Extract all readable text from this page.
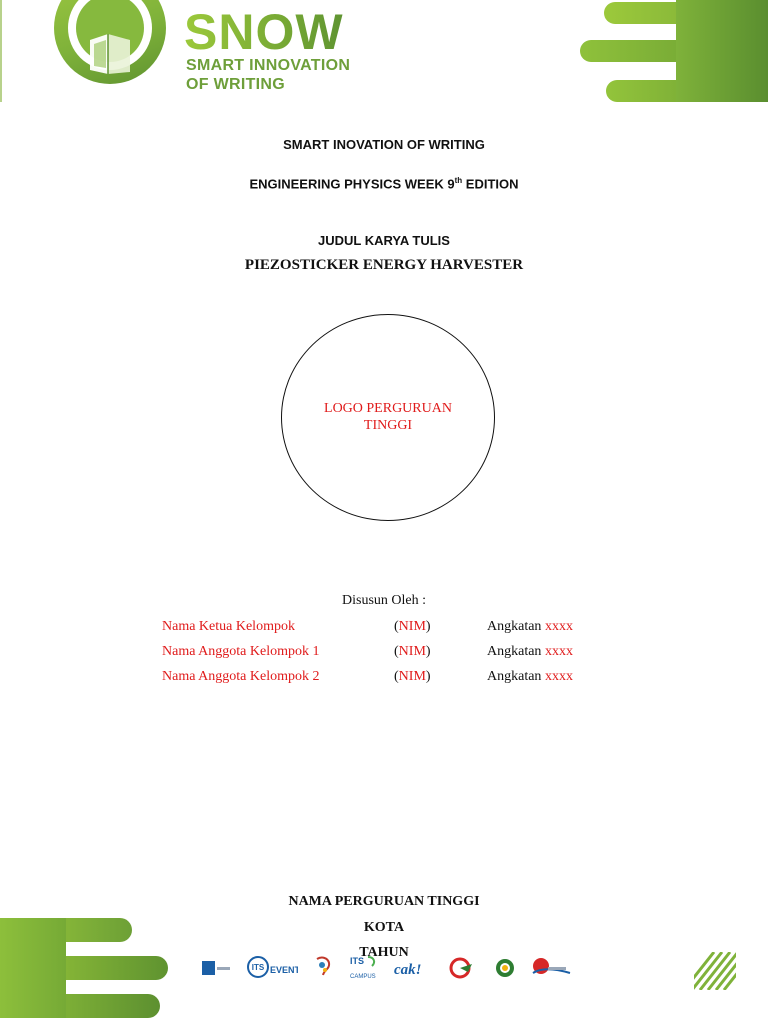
SNOW
SMART INNOVATION
OF WRITING
SMART INOVATION OF WRITING
ENGINEERING PHYSICS WEEK 9th EDITION
JUDUL KARYA TULIS
PIEZOSTICKER ENERGY HARVESTER
LOGO PERGURUAN
TINGGI
Disusun Oleh :
Nama Ketua Kelompok	(NIM)	Angkatan xxxx
Nama Anggota Kelompok 1	(NIM)	Angkatan xxxx
Nama Anggota Kelompok 2	(NIM)	Angkatan xxxx
NAMA PERGURUAN TINGGI
KOTA
TAHUN
ITS EVENT
ITS
CAMPUS cak!
